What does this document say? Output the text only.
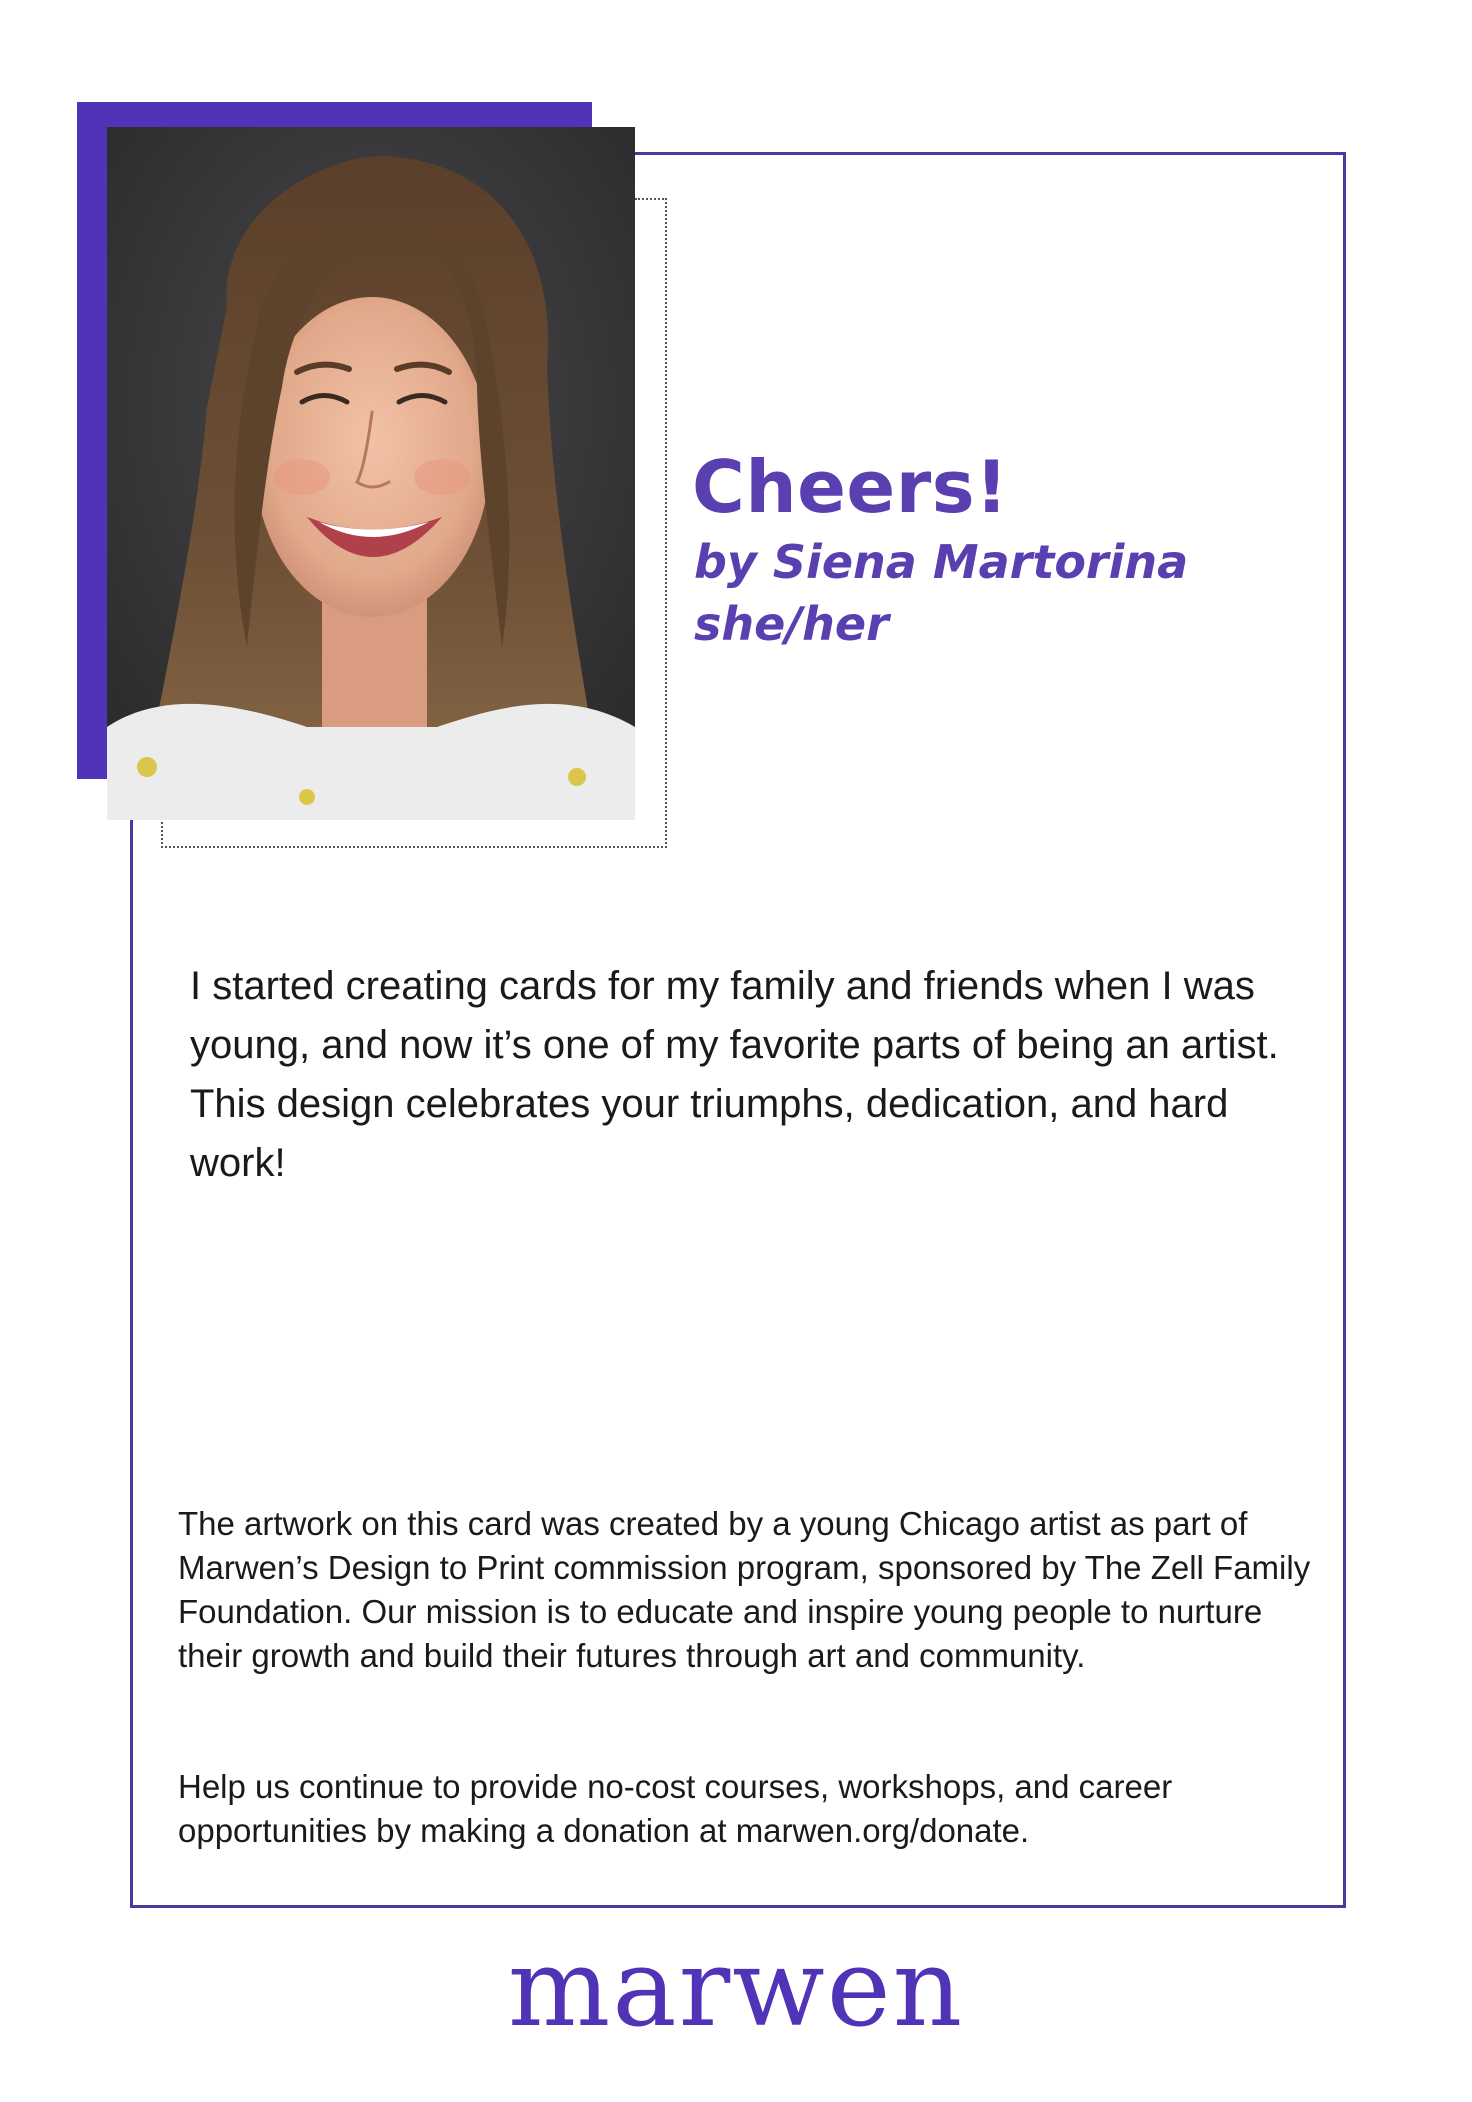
Cheers!

by Siena Martorina

she/her

I started creating cards for my family and friends when I was young, and now it’s one of my favorite parts of being an artist. This design celebrates your triumphs, dedication, and hard work!

The artwork on this card was created by a young Chicago artist as part of Marwen’s Design to Print commission program, sponsored by The Zell Family Foundation. Our mission is to educate and inspire young people to nurture their growth and build their futures through art and community.

Help us continue to provide no-cost courses, workshops, and career opportunities by making a donation at marwen.org/donate.

marwen
